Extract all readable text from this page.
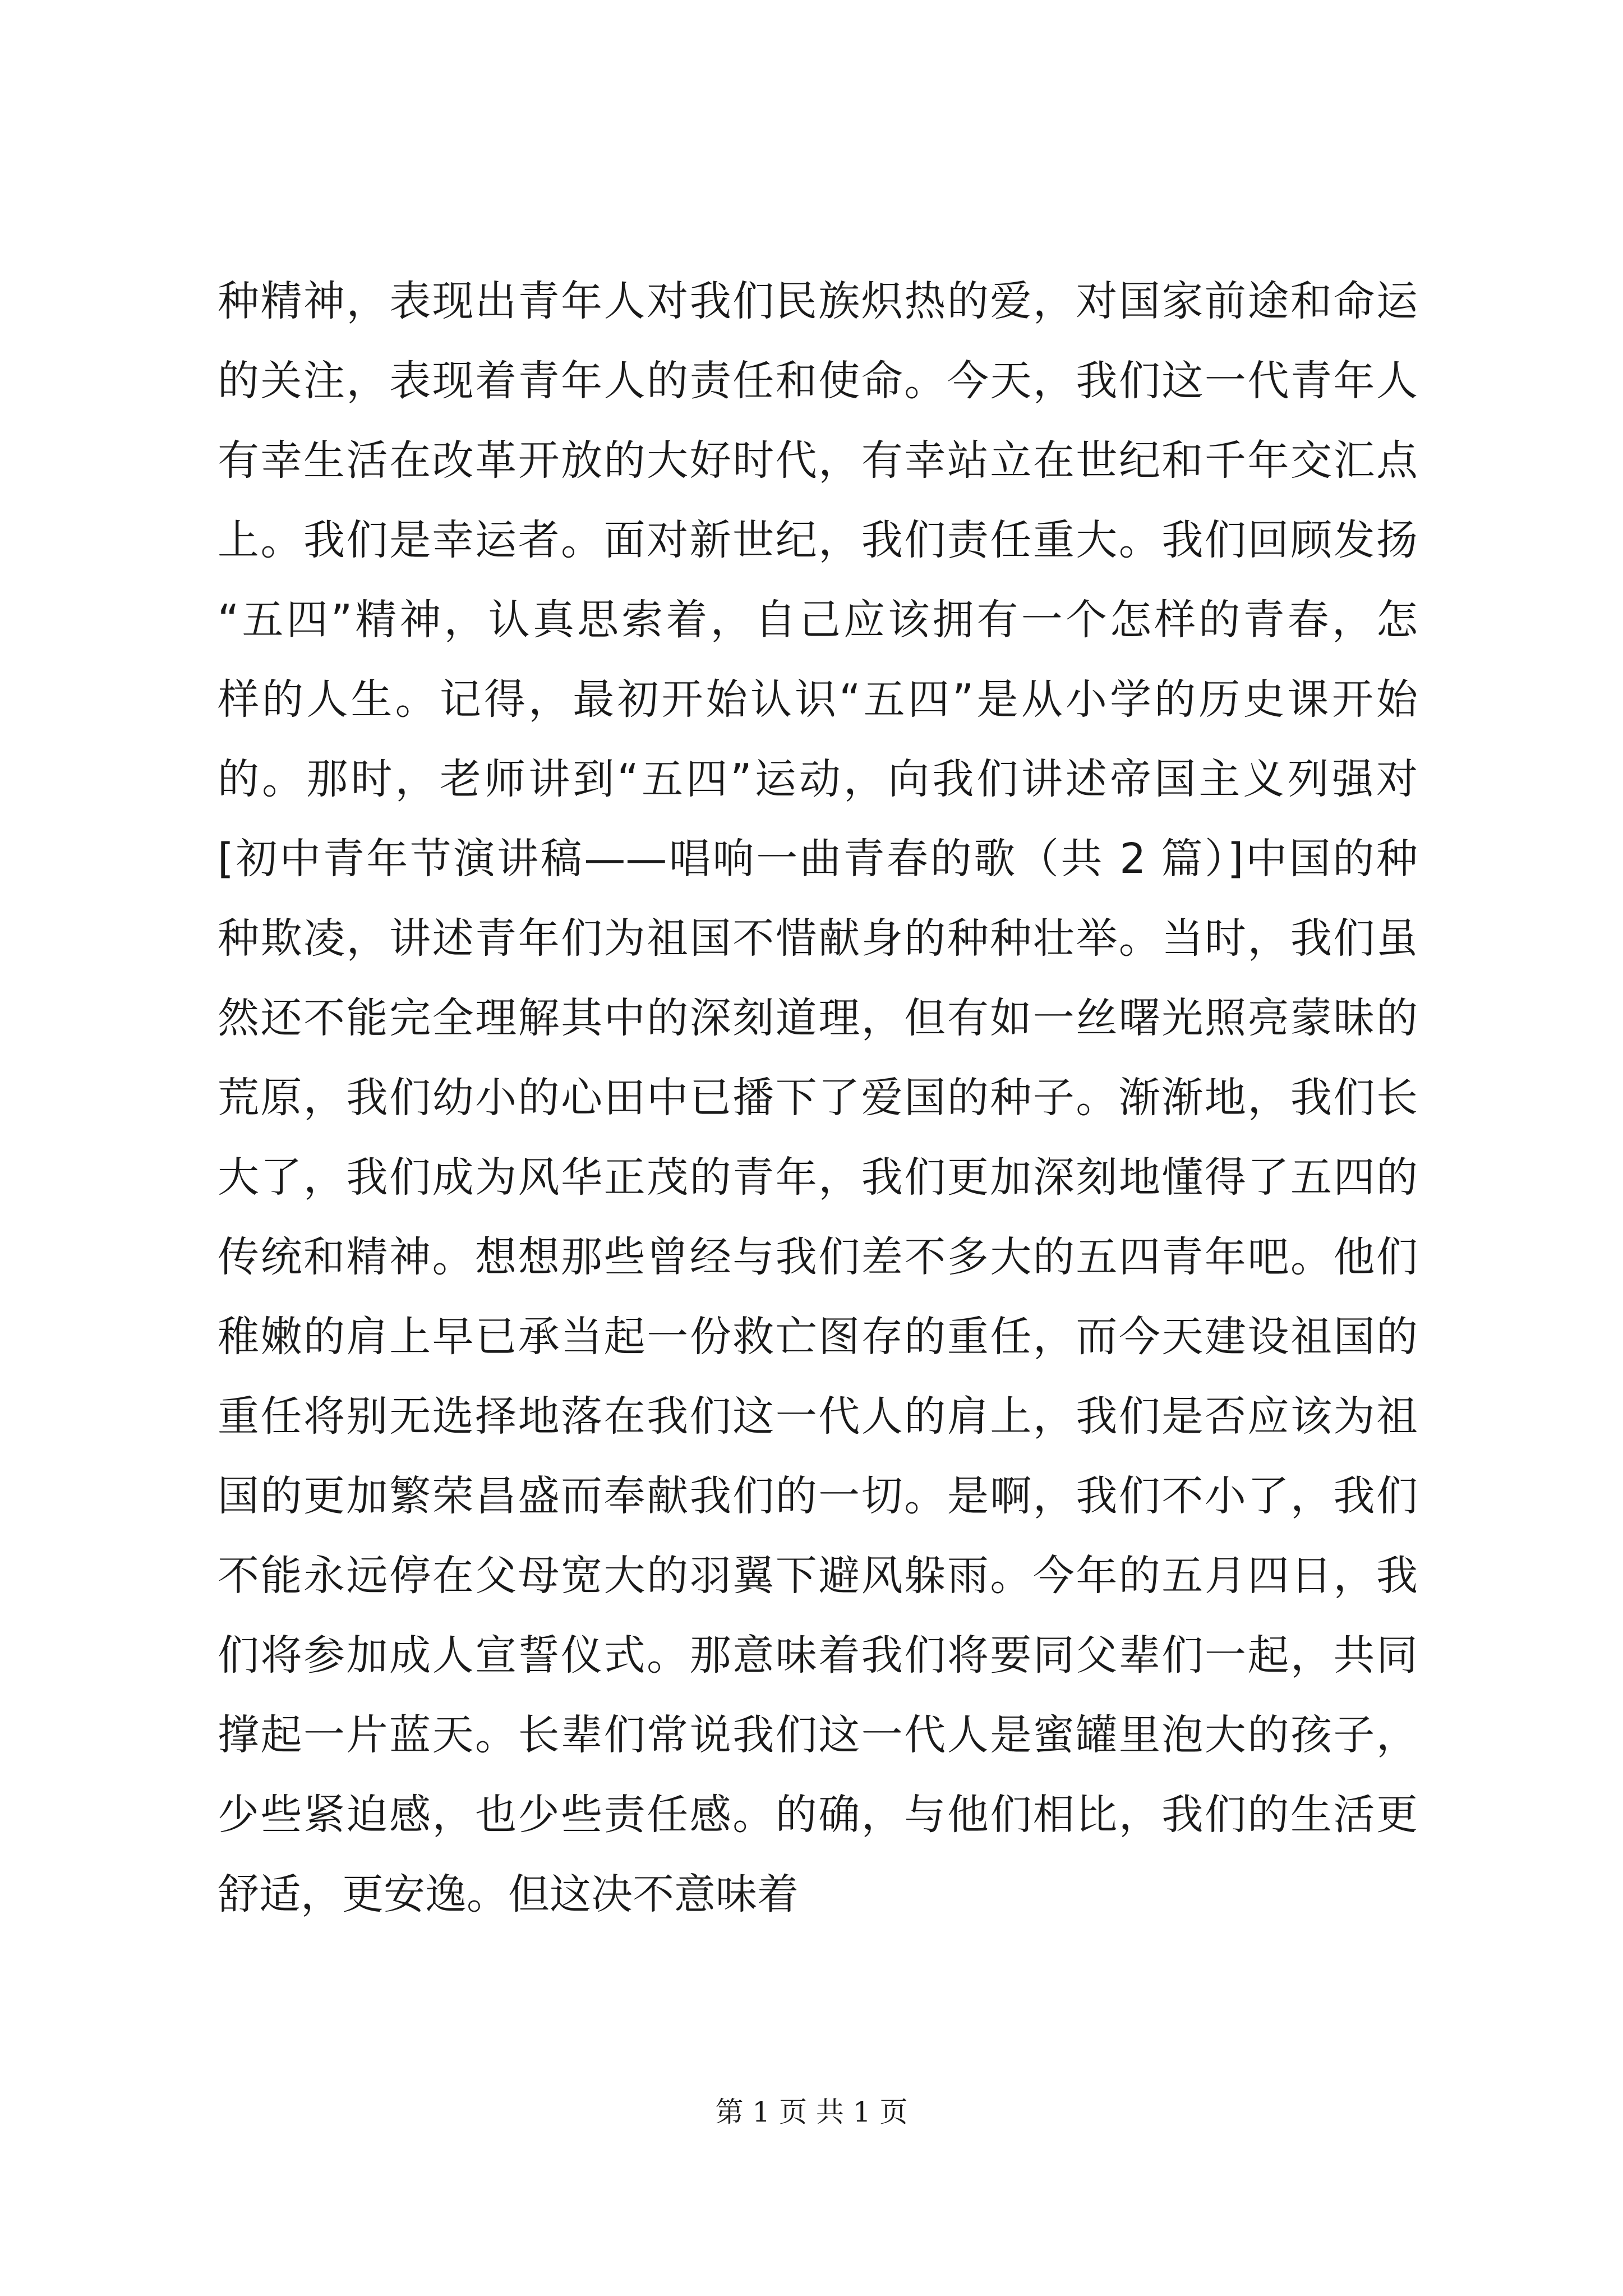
种精神，表现出青年人对我们民族炽热的爱，对国家前途和命运
的关注，表现着青年人的责任和使命。今天，我们这一代青年人
有幸生活在改革开放的大好时代，有幸站立在世纪和千年交汇点
上。我们是幸运者。面对新世纪，我们责任重大。我们回顾发扬
“五四”精神，认真思索着，自己应该拥有一个怎样的青春，怎
样的人生。记得，最初开始认识“五四”是从小学的历史课开始
的。那时，老师讲到“五四”运动，向我们讲述帝国主义列强对
[初中青年节演讲稿——唱响一曲青春的歌（共 2 篇）]中国的种
种欺凌，讲述青年们为祖国不惜献身的种种壮举。当时，我们虽
然还不能完全理解其中的深刻道理，但有如一丝曙光照亮蒙昧的
荒原，我们幼小的心田中已播下了爱国的种子。渐渐地，我们长
大了，我们成为风华正茂的青年，我们更加深刻地懂得了五四的
传统和精神。想想那些曾经与我们差不多大的五四青年吧。他们
稚嫩的肩上早已承当起一份救亡图存的重任，而今天建设祖国的
重任将别无选择地落在我们这一代人的肩上，我们是否应该为祖
国的更加繁荣昌盛而奉献我们的一切。是啊，我们不小了，我们
不能永远停在父母宽大的羽翼下避风躲雨。今年的五月四日，我
们将参加成人宣誓仪式。那意味着我们将要同父辈们一起，共同
撑起一片蓝天。长辈们常说我们这一代人是蜜罐里泡大的孩子，
少些紧迫感，也少些责任感。的确，与他们相比，我们的生活更
舒适，更安逸。但这决不意味着
第 1 页 共 1 页
